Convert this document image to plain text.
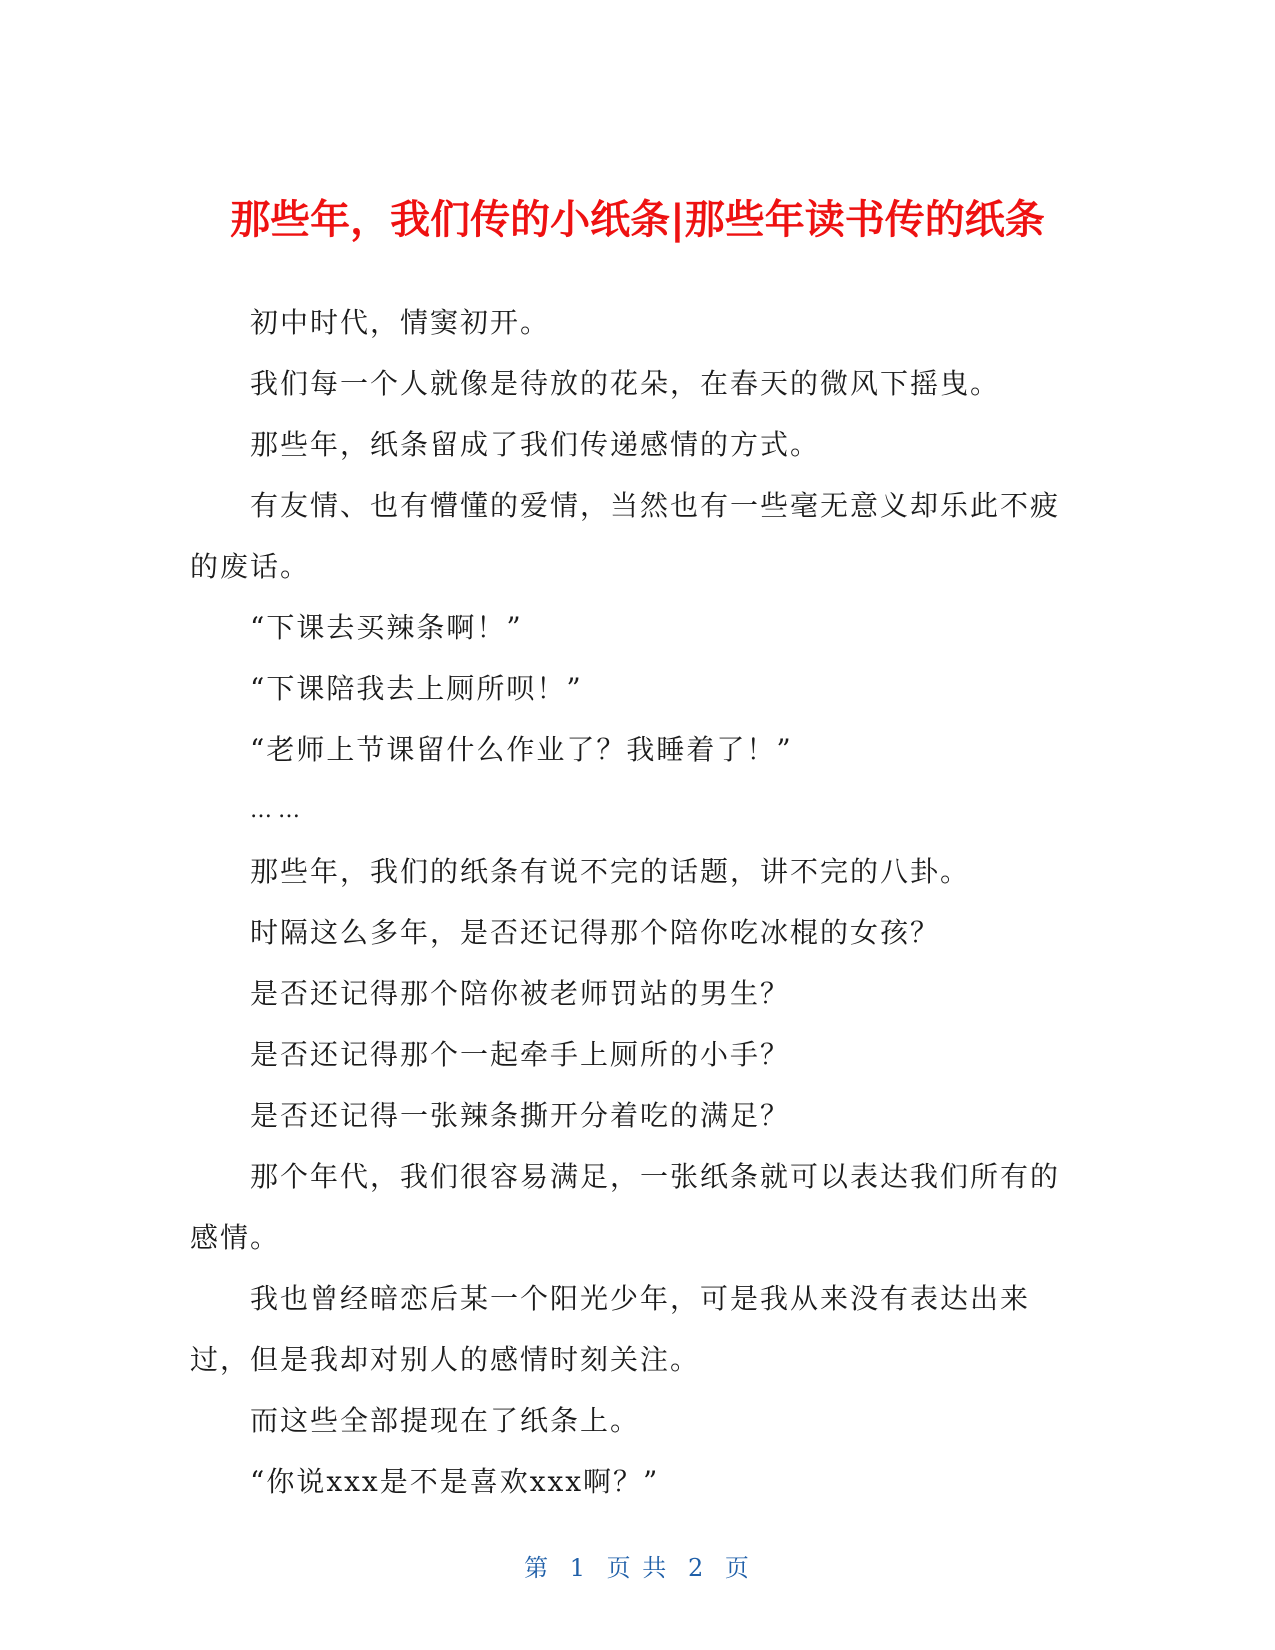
那些年，我们传的小纸条|那些年读书传的纸条

初中时代，情窦初开。

我们每一个人就像是待放的花朵，在春天的微风下摇曳。

那些年，纸条留成了我们传递感情的方式。

有友情、也有懵懂的爱情，当然也有一些毫无意义却乐此不疲的废话。

“下课去买辣条啊！”

“下课陪我去上厕所呗！”

“老师上节课留什么作业了？我睡着了！”

……

那些年，我们的纸条有说不完的话题，讲不完的八卦。

时隔这么多年，是否还记得那个陪你吃冰棍的女孩？

是否还记得那个陪你被老师罚站的男生？

是否还记得那个一起牵手上厕所的小手？

是否还记得一张辣条撕开分着吃的满足？

那个年代，我们很容易满足，一张纸条就可以表达我们所有的感情。

我也曾经暗恋后某一个阳光少年，可是我从来没有表达出来过，但是我却对别人的感情时刻关注。

而这些全部提现在了纸条上。

“你说xxx是不是喜欢xxx啊？”

第 1 页 共 2 页
